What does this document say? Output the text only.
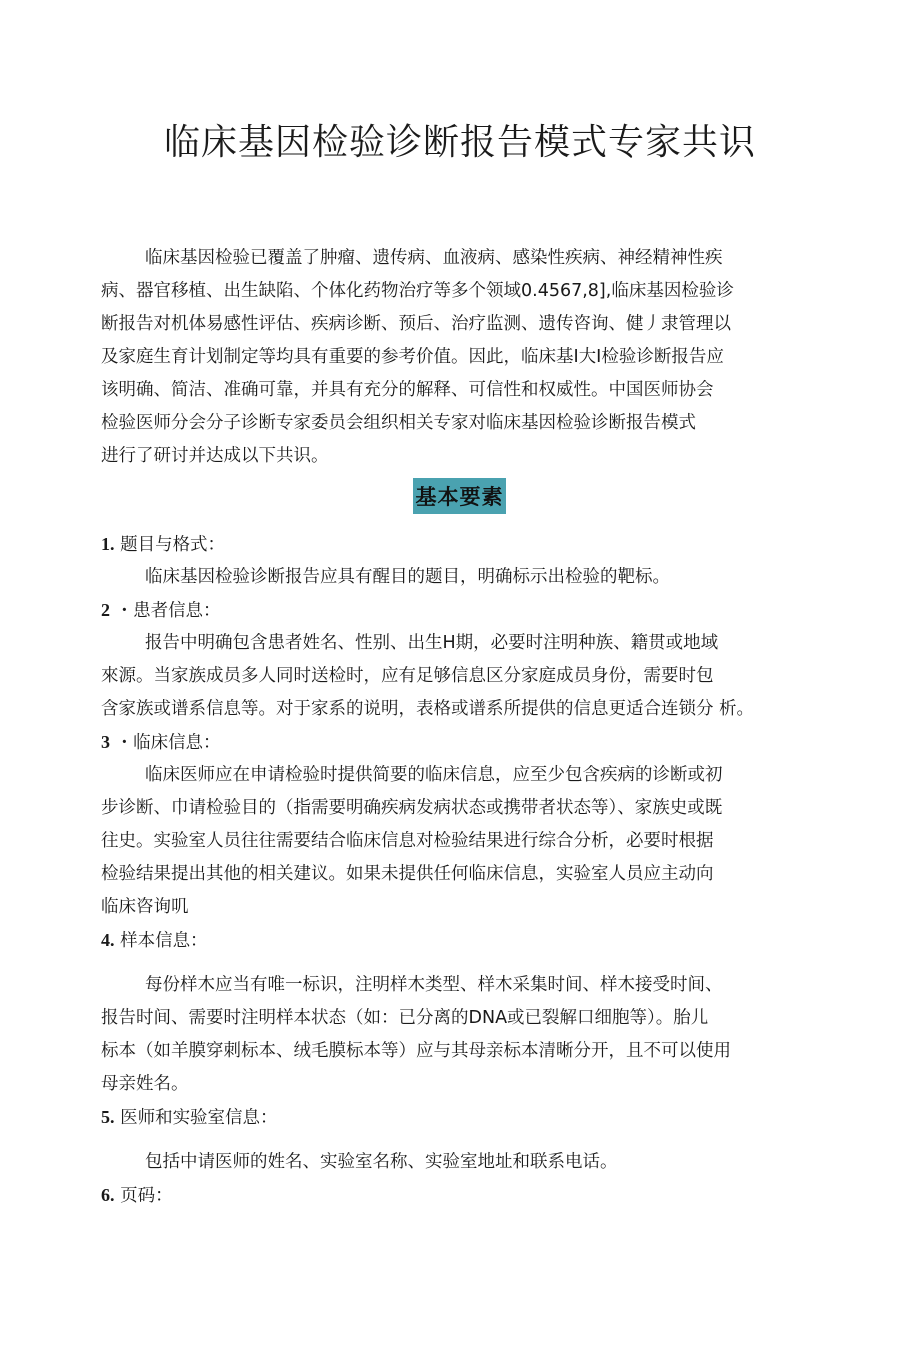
临床基因检验诊断报告模式专家共识

临床基因检验已覆盖了肿瘤、遗传病、血液病、感染性疾病、神经精神性疾

病、器官移植、出生缺陷、个体化药物治疗等多个领域0.4567,8],临床基因检验诊

断报告对机体易感性评估、疾病诊断、预后、治疗监测、遗传咨询、健丿隶管理以

及家庭生育计划制定等均具有重要的参考价值。因此，临床基Ⅰ大Ⅰ检验诊断报告应

该明确、简洁、准确可靠，并具有充分的解释、可信性和权威性。中国医师协会

检验医师分会分子诊断专家委员会组织相关专家对临床基因检验诊断报告模式

进行了研讨并达成以下共识。

基本要素
1. 题目与格式：

临床基因检验诊断报告应具有醒目的题目，明确标示出检验的靶标。

2 ・患者信息：

报告中明确包含患者姓名、性别、出生H期，必要时注明种族、籍贯或地域

來源。当家族成员多人同时送检时，应有足够信息区分家庭成员身份，需要时包

含家族或谱系信息等。对于家系的说明，表格或谱系所提供的信息更适合连锁分 析。

3 ・临床信息：

临床医师应在申请检验时提供简要的临床信息，应至少包含疾病的诊断或初

步诊断、巾请检验目的（指需要明确疾病发病状态或携带者状态等）、家族史或既

往史。实验室人员往往需要结合临床信息对检验结果进行综合分析，必要时根据

检验结果提出其他的相关建议。如果未提供任何临床信息，实验室人员应主动向

临床咨询叽

4. 样本信息：

每份样木应当有唯一标识，注明样木类型、样木采集时间、样木接受时间、

报告时间、需要时注明样本状态（如：已分离的DNA或已裂解口细胞等）。胎儿

标本（如羊膜穿刺标本、绒毛膜标本等）应与其母亲标本清晰分开，且不可以使用

母亲姓名。

5. 医师和实验室信息：

包括中请医师的姓名、实验室名称、实验室地址和联系电话。

6. 页码：
